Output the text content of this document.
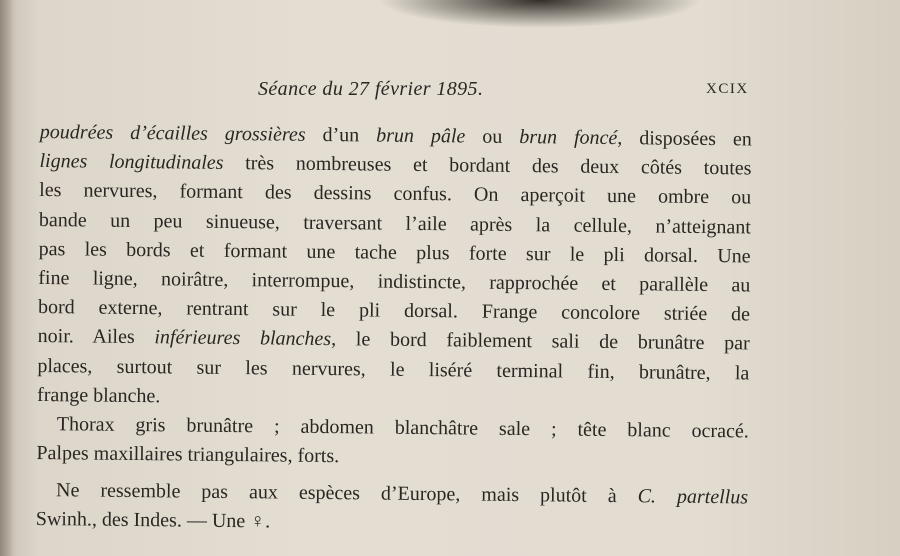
Séance du 27 février 1895.	XCIX
poudrées d’écailles grossières d’un brun pâle ou brun foncé, disposées en
lignes longitudinales très nombreuses et bordant des deux côtés toutes
les nervures, formant des dessins confus. On aperçoit une ombre ou
bande un peu sinueuse, traversant l’aile après la cellule, n’atteignant
pas les bords et formant une tache plus forte sur le pli dorsal. Une
fine ligne, noirâtre, interrompue, indistincte, rapprochée et parallèle au
bord externe, rentrant sur le pli dorsal. Frange concolore striée de
noir. Ailes inférieures blanches, le bord faiblement sali de brunâtre par
places, surtout sur les nervures, le liséré terminal fin, brunâtre, la
frange blanche.
Thorax gris brunâtre ; abdomen blanchâtre sale ; tête blanc ocracé.
Palpes maxillaires triangulaires, forts.
Ne ressemble pas aux espèces d’Europe, mais plutôt à C. partellus
Swinh., des Indes. — Une ♀.
